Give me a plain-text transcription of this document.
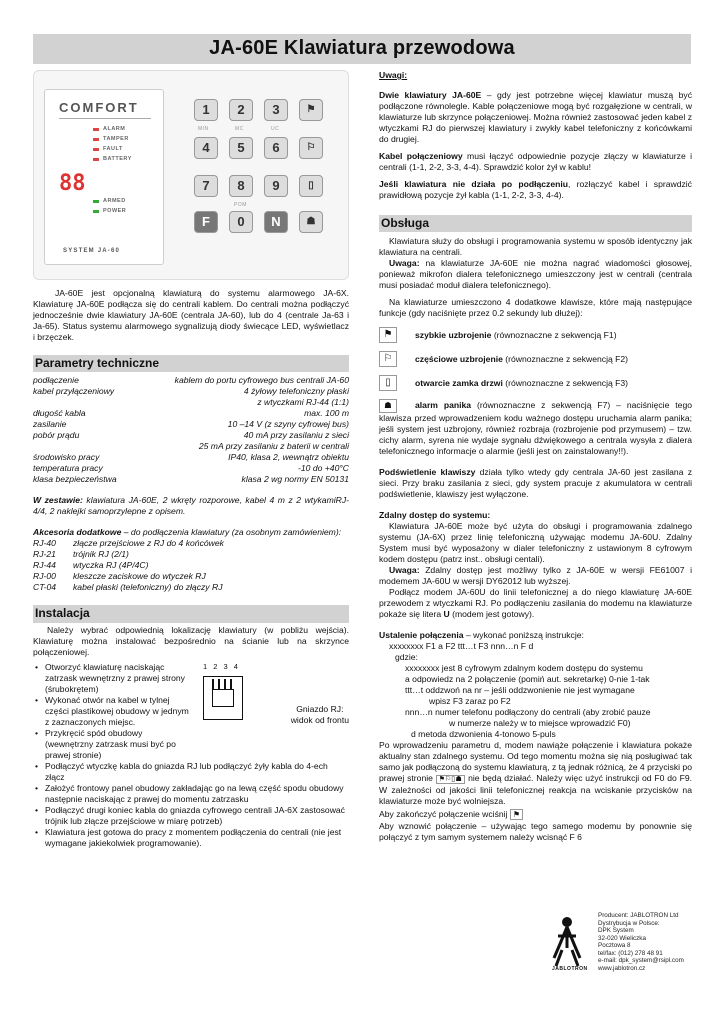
JA-60E Klawiatura przewodowa
COMFORT
ALARM
TAMPER
FAULT
BATTERY
88
ARMED
POWER
SYSTEM JA-60
1	2	3	⚑
MIN	MC	UC
4	5	6	⚐
7	8	9	▯
POM
F	0	N	☗
JA-60E jest opcjonalną klawiaturą do systemu alarmowego JA-6X. Klawiaturę JA-60E podłącza się do centrali kablem. Do centrali można podłączyć jednocześnie dwie klawiatury JA-60E (centrala JA-60), lub do 4 (centrale Ja-63 i Ja-65). Status systemu alarmowego sygnalizują diody świecące LED, wyświetlacz i brzęczek.
Parametry techniczne
podłączenie	kablem do portu cyfrowego bus centrali JA-60
kabel przyłączeniowy	4 żyłowy telefoniczny płaski
	z wtyczkami RJ-44 (1:1)
długość kabla	max. 100 m
zasilanie	10 –14 V (z szyny cyfrowej bus)
pobór prądu	40 mA przy zasilaniu z sieci
	25 mA przy zasilaniu z baterii w centrali
środowisko pracy	IP40, klasa 2, wewnątrz obiektu
temperatura pracy	-10 do +40°C
klasa bezpieczeństwa	klasa 2 wg normy EN 50131
W zestawie: klawiatura JA-60E, 2 wkręty rozporowe, kabel 4 m z 2 wtykamiRJ-4/4, 2 naklejki samoprzylepne z opisem.
Akcesoria dodatkowe – do podłączenia klawiatury (za osobnym zamówieniem):
RJ-40	złącze przejściowe z RJ do 4 końcówek
RJ-21	trójnik RJ (2/1)
RJ-44	wtyczka RJ (4P/4C)
RJ-00	kleszcze zaciskowe do wtyczek RJ
CT-04	kabel płaski (telefoniczny) do złączy RJ
Instalacja
Należy wybrać odpowiednią lokalizację klawiatury (w pobliżu wejścia). Klawiaturę można instalować bezpośrednio na ścianie lub na skrzynce połączeniowej.
1 2 3 4
Gniazdo RJ:
widok od frontu
• Otworzyć klawiaturę naciskając zatrzask wewnętrzny z prawej strony (śrubokrętem)
• Wykonać otwór na kabel w tylnej części plastikowej obudowy w jednym z zaznaczonych miejsc.
• Przykręcić spód obudowy (wewnętrzny zatrzask musi być po prawej stronie)
• Podłączyć wtyczkę kabla do gniazda RJ lub podłączyć żyły kabla do 4-ech złącz
• Założyć frontowy panel obudowy zakładając go na lewą część spodu obudowy następnie naciskając z prawej do momentu zatrzasku
• Podłączyć drugi koniec kabla do gniazda cyfrowego centrali JA-6X zastosować trójnik lub złącze przejściowe w miarę potrzeb)
• Klawiatura jest gotowa do pracy z momentem podłączenia do centrali (nie jest wymagane jakiekolwiek programowanie).
Uwagi:
Dwie klawiatury JA-60E – gdy jest potrzebne więcej klawiatur muszą być podłączone równolegle. Kable połączeniowe mogą być rozgałęzione w centrali, w klawiaturze lub skrzynce połączeniowej. Można również zastosować jeden kabel z wtyczkami RJ do pierwszej klawiatury i zwykły kabel telefoniczny z końcówkami do drugiej.
Kabel połączeniowy musi łączyć odpowiednie pozycje złączy w klawiaturze i centrali (1-1, 2-2, 3-3, 4-4). Sprawdzić kolor żył w kablu!
Jeśli klawiatura nie działa po podłączeniu, rozłączyć kabel i sprawdzić prawidłową pozycje żył kabla (1-1, 2-2, 3-3, 4-4).
Obsługa
Klawiatura służy do obsługi i programowania systemu w sposób identyczny jak klawiatura na centrali.
Uwaga: na klawiaturze JA-60E nie można nagrać wiadomości głosowej, ponieważ mikrofon dialera telefonicznego umieszczony jest w centrali (centrala musi posiadać moduł dialera telefonicznego).
Na klawiaturze umieszczono 4 dodatkowe klawisze, które mają następujące funkcje (gdy naciśnięte przez 0.2 sekundy lub dłużej):
⚑	szybkie uzbrojenie (równoznaczne z sekwencją F1)
⚐	częściowe uzbrojenie (równoznaczne z sekwencją F2)
▯	otwarcie zamka drzwi (równoznaczne z sekwencją F3)
☗	alarm panika (równoznaczne z sekwencją F7) – naciśnięcie tego klawisza przed wprowadzeniem kodu ważnego dostępu uruchamia alarm panika; jeśli system jest uzbrojony, również rozbraja (rozbrojenie pod przymusem) – tzw. cichy alarm, syrena nie wydaje sygnału dźwiękowego a centrala wysyła z dialera telefonicznego informacje o alarmie (jeśli jest on zainstalowany!!).
Podświetlenie klawiszy działa tylko wtedy gdy centrala JA-60 jest zasilana z sieci. Przy braku zasilania z sieci, gdy system pracuje z akumulatora w centrali podświetlenie, klawiszy jest wyłączone.
Zdalny dostęp do systemu:
Klawiatura JA-60E może być użyta do obsługi i programowania zdalnego systemu (JA-6X) przez linię telefoniczną używając modemu JA-60U. Zdalny System musi być wyposażony w dialer telefoniczny z ustawionym 8 cyfrowym kodem dostępu (patrz inst.. obsługi centali).
Uwaga: Zdalny dostęp jest możliwy tylko z JA-60E w wersji FE61007 i modemem JA-60U w wersji DY62012 lub wyższej.
Podłącz modem JA-60U do linii telefonicznej a do niego klawiaturę JA-60E przewodem z wtyczkami RJ. Po podłączeniu zasilania do modemu na klawiaturze pokaże się litera U (modem jest gotowy).
Ustalenie połączenia – wykonać poniższą instrukcje:
xxxxxxxx F1 a F2 ttt…t F3 nnn…n F d
gdzie:
xxxxxxxx jest 8 cyfrowym zdalnym kodem dostępu do systemu
a odpowiedz na 2 połączenie (pomiń aut. sekretarkę) 0-nie 1-tak
ttt…t oddzwoń na nr – jeśli oddzwonienie nie jest wymagane
wpisz F3 zaraz po F2
nnn…n numer telefonu podłączony do centrali (aby zrobić pauze
w numerze należy w to miejsce wprowadzić F0)
d metoda dzwonienia 4-tonowo 5-puls
Po wprowadzeniu parametru d, modem nawiąże połączenie i klawiatura pokaże aktualny stan zdalnego systemu. Od tego momentu można się nią posługiwać tak samo jak podłączoną do systemu klawiaturą, z tą jednak różnicą, że 4 przyciski po prawej stronie ⚑⚐▯☗ nie będą działać. Należy więc użyć instrukcji od F0 do F9. W zależności od jakości linii telefonicznej reakcja na wciskanie przycisków na klawiaturze może być wolniejsza.
Aby zakończyć połączenie wciśnij ⚑
Aby wznowić połączenie – używając tego samego modemu by ponownie się połączyć z tym samym systemem należy wcisnąć F 6
JABLOTRON
Producent: JABLOTRON Ltd
Dystrybucja w Polsce:
DPK System
32-020 Wieliczka
Pocztowa 8
tel/fax: (012) 278 48 91
e-mail: dpk_system@rsipl.com
www.jablotron.cz
